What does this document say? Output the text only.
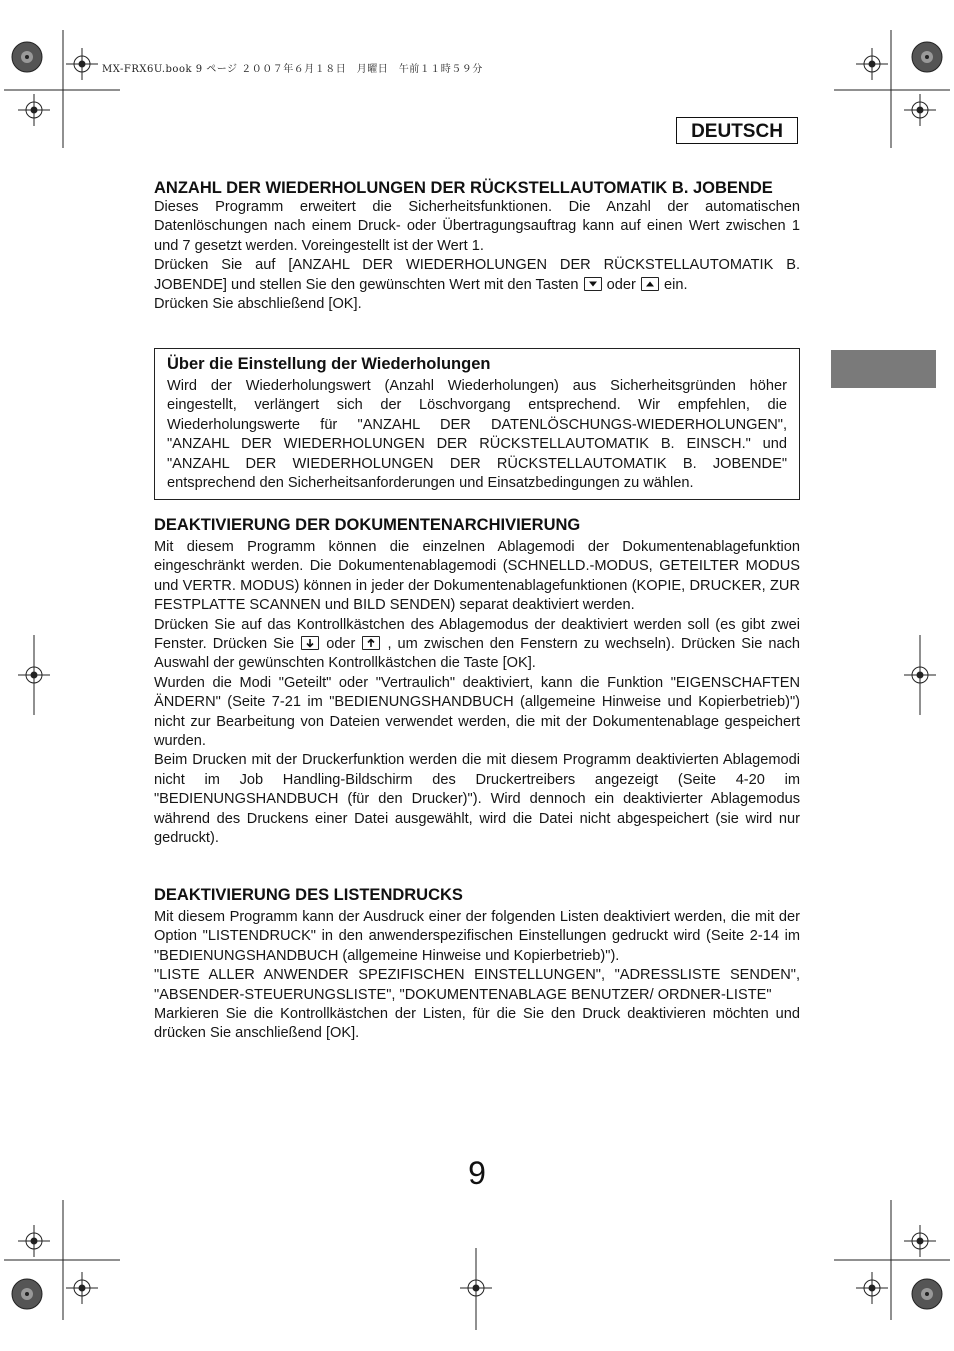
MX-FRX6U.book 9 ページ ２００７年６月１８日　月曜日　午前１１時５９分
DEUTSCH
ANZAHL DER WIEDERHOLUNGEN DER RÜCKSTELLAUTOMATIK B. JOBENDE

Dieses Programm erweitert die Sicherheitsfunktionen. Die Anzahl der automatischen Datenlöschungen nach einem Druck- oder Übertragungsauftrag kann auf einen Wert zwischen 1 und 7 gesetzt werden. Voreingestellt ist der Wert 1.

Drücken Sie auf [ANZAHL DER WIEDERHOLUNGEN DER RÜCKSTELLAUTOMATIK B. JOBENDE] und stellen Sie den gewünschten Wert mit den Tasten oder ein.

Drücken Sie abschließend [OK].

Über die Einstellung der Wiederholungen

Wird der Wiederholungswert (Anzahl Wiederholungen) aus Sicherheitsgründen höher eingestellt, verlängert sich der Löschvorgang entsprechend. Wir empfehlen, die Wiederholungswerte für "ANZAHL DER DATENLÖSCHUNGS-WIEDERHOLUNGEN", "ANZAHL DER WIEDERHOLUNGEN DER RÜCKSTELLAUTOMATIK B. EINSCH." und "ANZAHL DER WIEDERHOLUNGEN DER RÜCKSTELLAUTOMATIK B. JOBENDE" entsprechend den Sicherheitsanforderungen und Einsatzbedingungen zu wählen.

DEAKTIVIERUNG DER DOKUMENTENARCHIVIERUNG

Mit diesem Programm können die einzelnen Ablagemodi der Dokumentenablagefunktion eingeschränkt werden. Die Dokumentenablagemodi (SCHNELLD.-MODUS, GETEILTER MODUS und VERTR. MODUS) können in jeder der Dokumentenablagefunktionen (KOPIE, DRUCKER, ZUR FESTPLATTE SCANNEN und BILD SENDEN) separat deaktiviert werden.

Drücken Sie auf das Kontrollkästchen des Ablagemodus der deaktiviert werden soll (es gibt zwei Fenster. Drücken Sie oder , um zwischen den Fenstern zu wechseln). Drücken Sie nach Auswahl der gewünschten Kontrollkästchen die Taste [OK].

Wurden die Modi "Geteilt" oder "Vertraulich" deaktiviert, kann die Funktion "EIGENSCHAFTEN ÄNDERN" (Seite 7-21 im "BEDIENUNGSHANDBUCH (allgemeine Hinweise und Kopierbetrieb)") nicht zur Bearbeitung von Dateien verwendet werden, die mit der Dokumentenablage gespeichert wurden.

Beim Drucken mit der Druckerfunktion werden die mit diesem Programm deaktivierten Ablagemodi nicht im Job Handling-Bildschirm des Druckertreibers angezeigt (Seite 4-20 im "BEDIENUNGSHANDBUCH (für den Drucker)"). Wird dennoch ein deaktivierter Ablagemodus während des Druckens einer Datei ausgewählt, wird die Datei nicht abgespeichert (sie wird nur gedruckt).

DEAKTIVIERUNG DES LISTENDRUCKS

Mit diesem Programm kann der Ausdruck einer der folgenden Listen deaktiviert werden, die mit der Option "LISTENDRUCK" in den anwenderspezifischen Einstellungen gedruckt wird (Seite 2-14 im "BEDIENUNGSHANDBUCH (allgemeine Hinweise und Kopierbetrieb)").

"LISTE ALLER ANWENDER SPEZIFISCHEN EINSTELLUNGEN", "ADRESSLISTE SENDEN", "ABSENDER-STEUERUNGSLISTE", "DOKUMENTENABLAGE BENUTZER/ ORDNER-LISTE"

Markieren Sie die Kontrollkästchen der Listen, für die Sie den Druck deaktivieren möchten und drücken Sie anschließend [OK].

9
